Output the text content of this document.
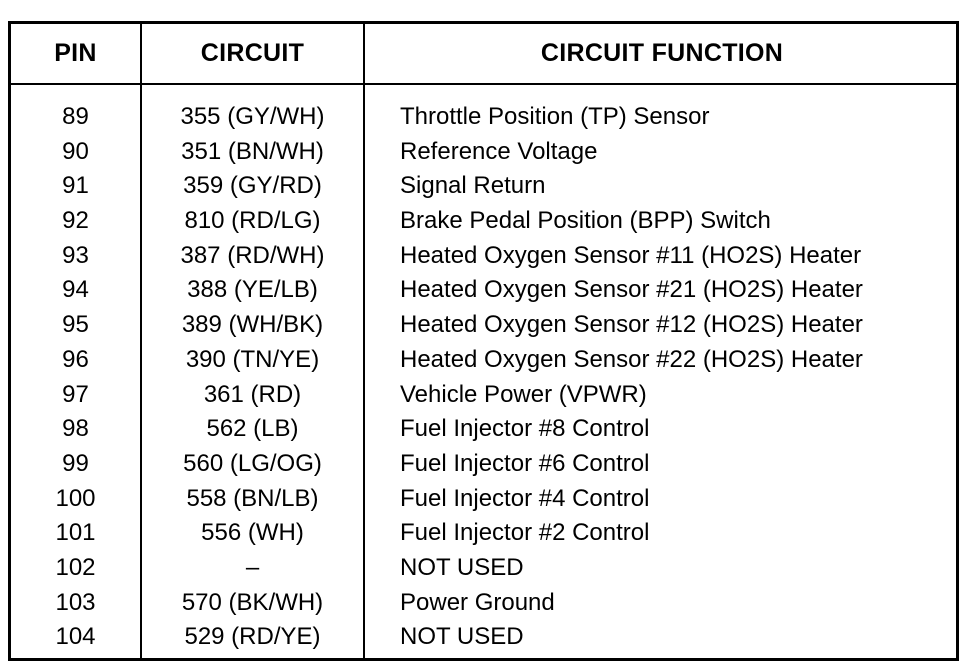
PIN	CIRCUIT	CIRCUIT FUNCTION
89	355 (GY/WH)	Throttle Position (TP) Sensor
90	351 (BN/WH)	Reference Voltage
91	359 (GY/RD)	Signal Return
92	810 (RD/LG)	Brake Pedal Position (BPP) Switch
93	387 (RD/WH)	Heated Oxygen Sensor #11 (HO2S) Heater
94	388 (YE/LB)	Heated Oxygen Sensor #21 (HO2S) Heater
95	389 (WH/BK)	Heated Oxygen Sensor #12 (HO2S) Heater
96	390 (TN/YE)	Heated Oxygen Sensor #22 (HO2S) Heater
97	361 (RD)	Vehicle Power (VPWR)
98	562 (LB)	Fuel Injector #8 Control
99	560 (LG/OG)	Fuel Injector #6 Control
100	558 (BN/LB)	Fuel Injector #4 Control
101	556 (WH)	Fuel Injector #2 Control
102	–	NOT USED
103	570 (BK/WH)	Power Ground
104	529 (RD/YE)	NOT USED
